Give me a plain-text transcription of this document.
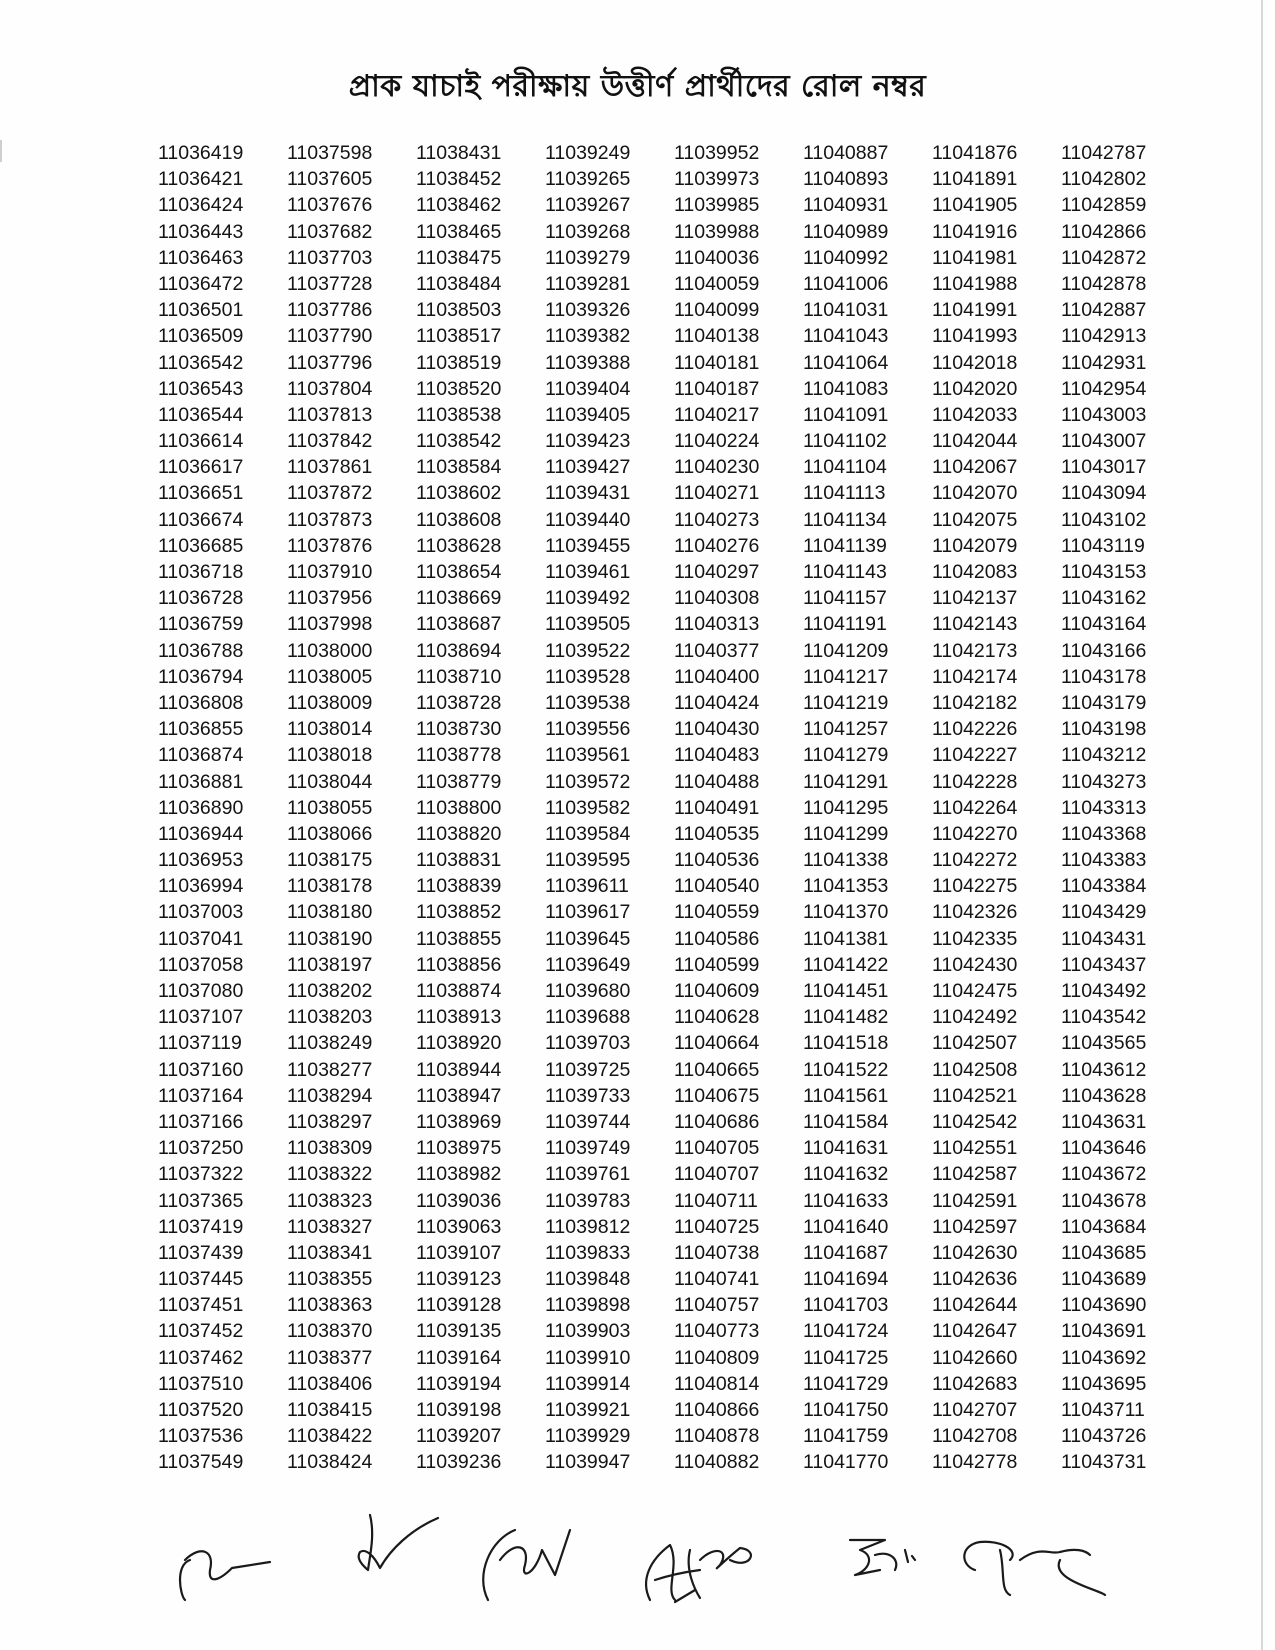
প্রাক যাচাই পরীক্ষায় উত্তীর্ণ প্রার্থীদের রোল নম্বর
11036419
11036421
11036424
11036443
11036463
11036472
11036501
11036509
11036542
11036543
11036544
11036614
11036617
11036651
11036674
11036685
11036718
11036728
11036759
11036788
11036794
11036808
11036855
11036874
11036881
11036890
11036944
11036953
11036994
11037003
11037041
11037058
11037080
11037107
11037119
11037160
11037164
11037166
11037250
11037322
11037365
11037419
11037439
11037445
11037451
11037452
11037462
11037510
11037520
11037536
11037549
11037598
11037605
11037676
11037682
11037703
11037728
11037786
11037790
11037796
11037804
11037813
11037842
11037861
11037872
11037873
11037876
11037910
11037956
11037998
11038000
11038005
11038009
11038014
11038018
11038044
11038055
11038066
11038175
11038178
11038180
11038190
11038197
11038202
11038203
11038249
11038277
11038294
11038297
11038309
11038322
11038323
11038327
11038341
11038355
11038363
11038370
11038377
11038406
11038415
11038422
11038424
11038431
11038452
11038462
11038465
11038475
11038484
11038503
11038517
11038519
11038520
11038538
11038542
11038584
11038602
11038608
11038628
11038654
11038669
11038687
11038694
11038710
11038728
11038730
11038778
11038779
11038800
11038820
11038831
11038839
11038852
11038855
11038856
11038874
11038913
11038920
11038944
11038947
11038969
11038975
11038982
11039036
11039063
11039107
11039123
11039128
11039135
11039164
11039194
11039198
11039207
11039236
11039249
11039265
11039267
11039268
11039279
11039281
11039326
11039382
11039388
11039404
11039405
11039423
11039427
11039431
11039440
11039455
11039461
11039492
11039505
11039522
11039528
11039538
11039556
11039561
11039572
11039582
11039584
11039595
11039611
11039617
11039645
11039649
11039680
11039688
11039703
11039725
11039733
11039744
11039749
11039761
11039783
11039812
11039833
11039848
11039898
11039903
11039910
11039914
11039921
11039929
11039947
11039952
11039973
11039985
11039988
11040036
11040059
11040099
11040138
11040181
11040187
11040217
11040224
11040230
11040271
11040273
11040276
11040297
11040308
11040313
11040377
11040400
11040424
11040430
11040483
11040488
11040491
11040535
11040536
11040540
11040559
11040586
11040599
11040609
11040628
11040664
11040665
11040675
11040686
11040705
11040707
11040711
11040725
11040738
11040741
11040757
11040773
11040809
11040814
11040866
11040878
11040882
11040887
11040893
11040931
11040989
11040992
11041006
11041031
11041043
11041064
11041083
11041091
11041102
11041104
11041113
11041134
11041139
11041143
11041157
11041191
11041209
11041217
11041219
11041257
11041279
11041291
11041295
11041299
11041338
11041353
11041370
11041381
11041422
11041451
11041482
11041518
11041522
11041561
11041584
11041631
11041632
11041633
11041640
11041687
11041694
11041703
11041724
11041725
11041729
11041750
11041759
11041770
11041876
11041891
11041905
11041916
11041981
11041988
11041991
11041993
11042018
11042020
11042033
11042044
11042067
11042070
11042075
11042079
11042083
11042137
11042143
11042173
11042174
11042182
11042226
11042227
11042228
11042264
11042270
11042272
11042275
11042326
11042335
11042430
11042475
11042492
11042507
11042508
11042521
11042542
11042551
11042587
11042591
11042597
11042630
11042636
11042644
11042647
11042660
11042683
11042707
11042708
11042778
11042787
11042802
11042859
11042866
11042872
11042878
11042887
11042913
11042931
11042954
11043003
11043007
11043017
11043094
11043102
11043119
11043153
11043162
11043164
11043166
11043178
11043179
11043198
11043212
11043273
11043313
11043368
11043383
11043384
11043429
11043431
11043437
11043492
11043542
11043565
11043612
11043628
11043631
11043646
11043672
11043678
11043684
11043685
11043689
11043690
11043691
11043692
11043695
11043711
11043726
11043731
